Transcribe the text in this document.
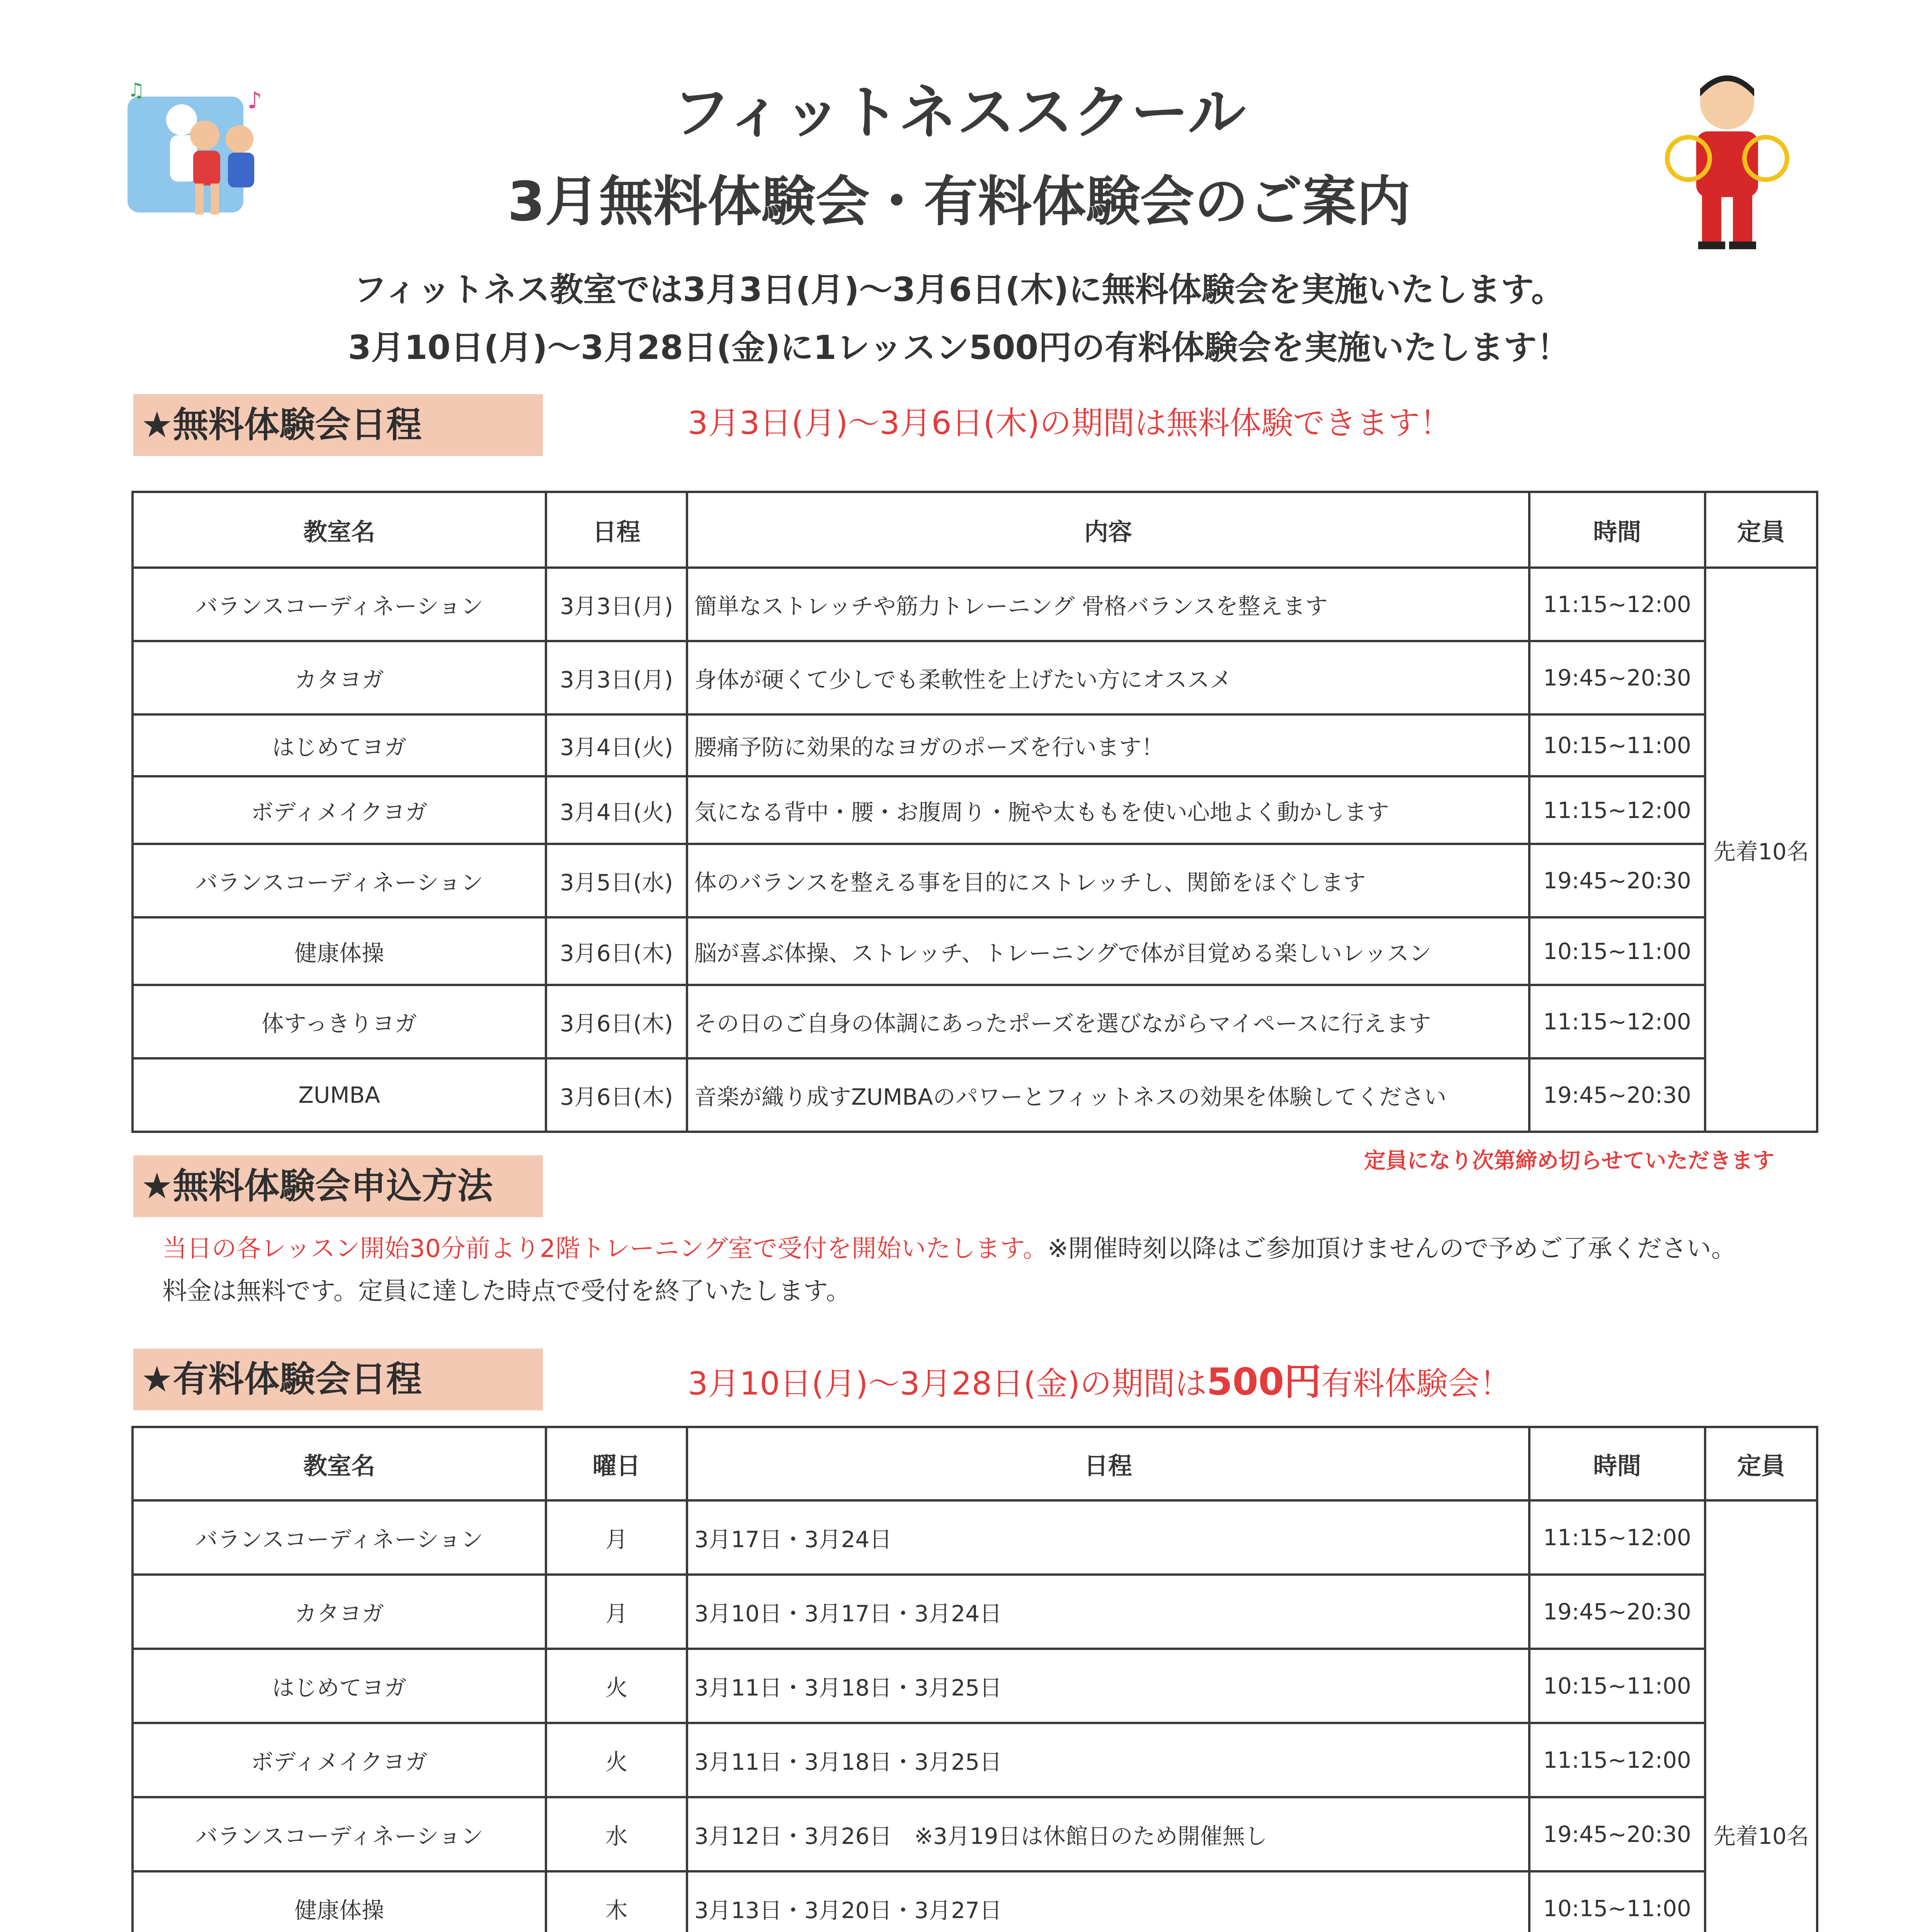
♪
♫	フィットネススクール
3月無料体験会・有料体験会のご案内
フィットネス教室では3月3日(月)～3月6日(木)に無料体験会を実施いたします。
3月10日(月)～3月28日(金)に1レッスン500円の有料体験会を実施いたします！
★無料体験会日程	3月3日(月)～3月6日(木)の期間は無料体験できます！
教室名	日程	内容	時間	定員
バランスコーディネーション	3月3日(月)	簡単なストレッチや筋力トレーニング 骨格バランスを整えます	11:15~12:00	先着10名
カタヨガ	3月3日(月)	身体が硬くて少しでも柔軟性を上げたい方にオススメ	19:45~20:30	
はじめてヨガ	3月4日(火)	腰痛予防に効果的なヨガのポーズを行います！	10:15~11:00	
ボディメイクヨガ	3月4日(火)	気になる背中・腰・お腹周り・腕や太ももを使い心地よく動かします	11:15~12:00	
バランスコーディネーション	3月5日(水)	体のバランスを整える事を目的にストレッチし、関節をほぐします	19:45~20:30	
健康体操	3月6日(木)	脳が喜ぶ体操、ストレッチ、トレーニングで体が目覚める楽しいレッスン	10:15~11:00	
体すっきりヨガ	3月6日(木)	その日のご自身の体調にあったポーズを選びながらマイペースに行えます	11:15~12:00	
ZUMBA	3月6日(木)	音楽が織り成すZUMBAのパワーとフィットネスの効果を体験してください	19:45~20:30	
定員になり次第締め切らせていただきます
★無料体験会申込方法
当日の各レッスン開始30分前より2階トレーニング室で受付を開始いたします。※開催時刻以降はご参加頂けませんので予めご了承ください。
料金は無料です。定員に達した時点で受付を終了いたします。
★有料体験会日程	3月10日(月)～3月28日(金)の期間は500円有料体験会！
教室名	曜日	日程	時間	定員
バランスコーディネーション	月	3月17日・3月24日	11:15~12:00	先着10名
カタヨガ	月	3月10日・3月17日・3月24日	19:45~20:30	
はじめてヨガ	火	3月11日・3月18日・3月25日	10:15~11:00	
ボディメイクヨガ	火	3月11日・3月18日・3月25日	11:15~12:00	
バランスコーディネーション	水	3月12日・3月26日　※3月19日は休館日のため開催無し	19:45~20:30	
健康体操	木	3月13日・3月20日・3月27日	10:15~11:00	
